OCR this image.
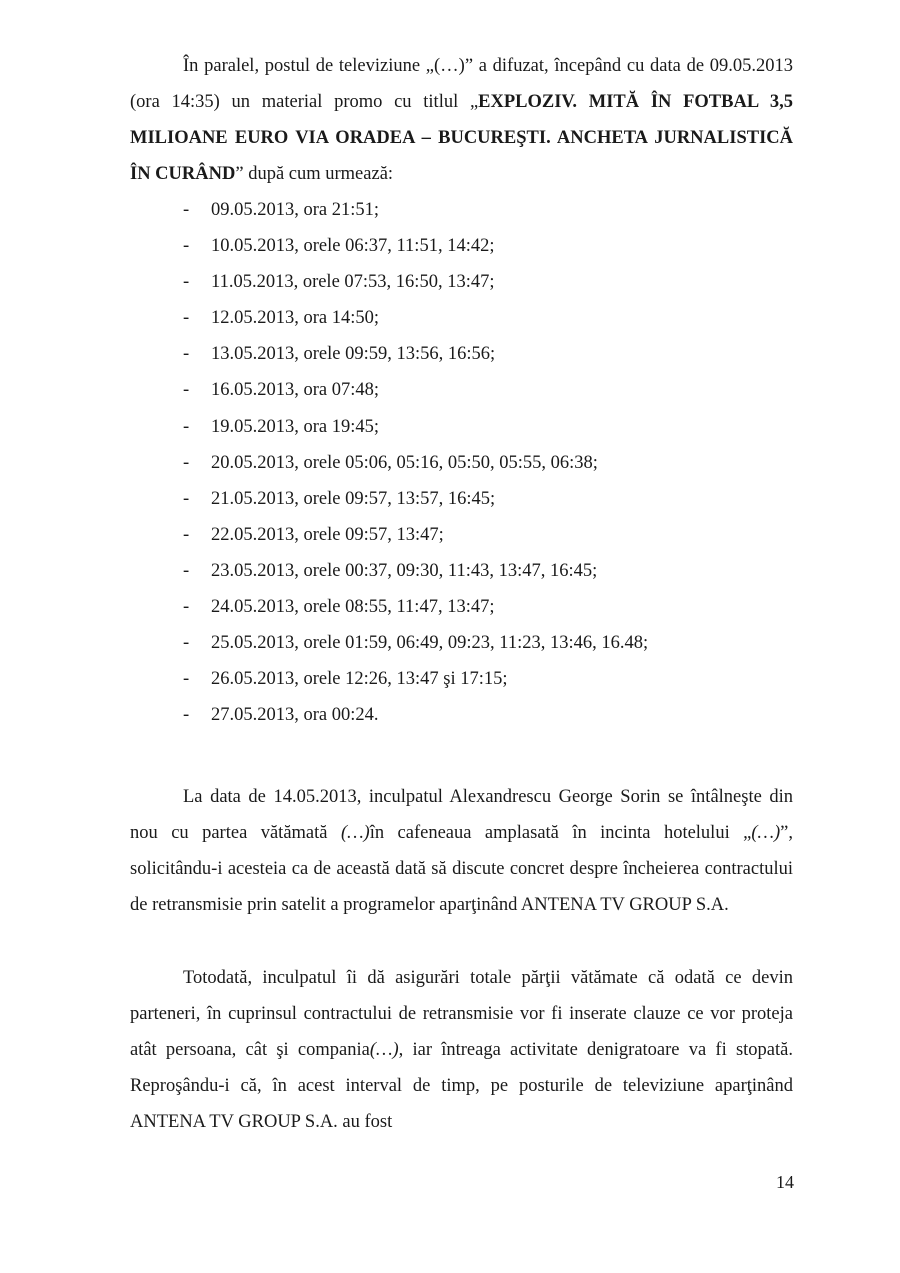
În paralel, postul de televiziune „(…)” a difuzat, începând cu data de 09.05.2013 (ora 14:35) un material promo cu titlul „EXPLOZIV. MITĂ ÎN FOTBAL 3,5 MILIOANE EURO VIA ORADEA – BUCUREŞTI. ANCHETA JURNALISTICĂ ÎN CURÂND” după cum urmează:

- 09.05.2013, ora 21:51;
- 10.05.2013, orele 06:37, 11:51, 14:42;
- 11.05.2013, orele 07:53, 16:50, 13:47;
- 12.05.2013, ora 14:50;
- 13.05.2013, orele 09:59, 13:56, 16:56;
- 16.05.2013, ora 07:48;
- 19.05.2013, ora 19:45;
- 20.05.2013, orele 05:06, 05:16, 05:50, 05:55, 06:38;
- 21.05.2013, orele 09:57, 13:57, 16:45;
- 22.05.2013, orele 09:57, 13:47;
- 23.05.2013, orele 00:37, 09:30, 11:43, 13:47, 16:45;
- 24.05.2013, orele 08:55, 11:47, 13:47;
- 25.05.2013, orele 01:59, 06:49, 09:23, 11:23, 13:46, 16.48;
- 26.05.2013, orele 12:26, 13:47 şi 17:15;
- 27.05.2013, ora 00:24.

La data de 14.05.2013, inculpatul Alexandrescu George Sorin se întâlneşte din nou cu partea vătămată (…)în cafeneaua amplasată în incinta hotelului „(…)”, solicitându-i acesteia ca de această dată să discute concret despre încheierea contractului de retransmisie prin satelit a programelor aparţinând ANTENA TV GROUP S.A.

Totodată, inculpatul îi dă asigurări totale părţii vătămate că odată ce devin parteneri, în cuprinsul contractului de retransmisie vor fi inserate clauze ce vor proteja atât persoana, cât şi compania(…), iar întreaga activitate denigratoare va fi stopată. Reproşându-i că, în acest interval de timp, pe posturile de televiziune aparţinând ANTENA TV GROUP S.A. au fost

14
